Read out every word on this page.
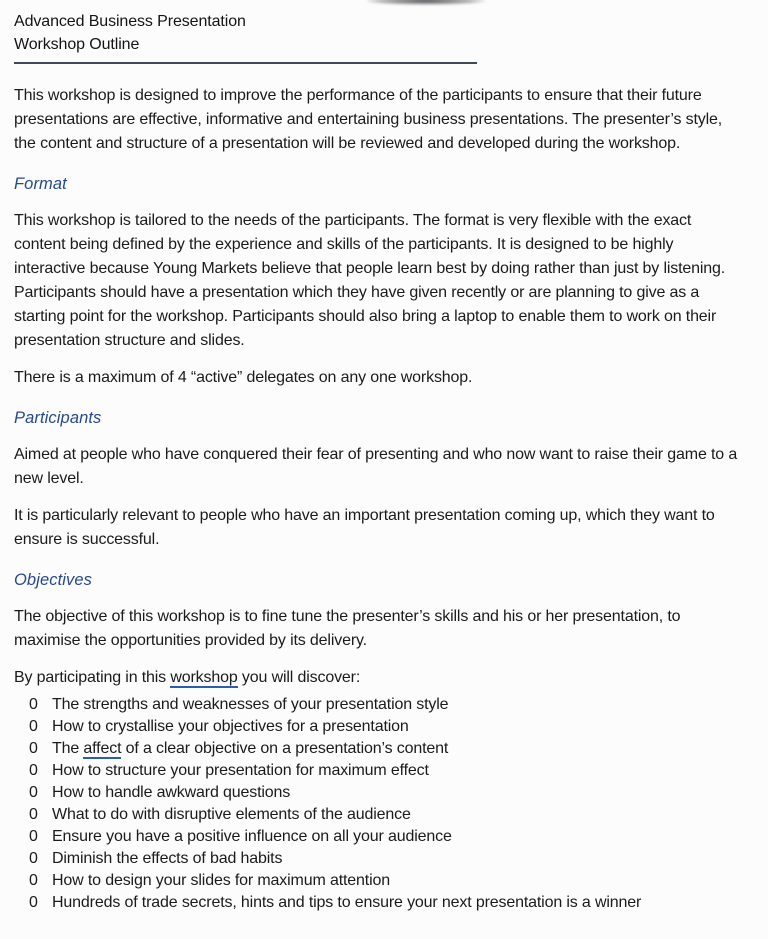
Advanced Business Presentation
Workshop Outline

This workshop is designed to improve the performance of the participants to ensure that their future presentations are effective, informative and entertaining business presentations. The presenter’s style, the content and structure of a presentation will be reviewed and developed during the workshop.

Format

This workshop is tailored to the needs of the participants. The format is very flexible with the exact content being defined by the experience and skills of the participants. It is designed to be highly interactive because Young Markets believe that people learn best by doing rather than just by listening. Participants should have a presentation which they have given recently or are planning to give as a starting point for the workshop. Participants should also bring a laptop to enable them to work on their presentation structure and slides.

There is a maximum of 4 “active” delegates on any one workshop.

Participants

Aimed at people who have conquered their fear of presenting and who now want to raise their game to a new level.

It is particularly relevant to people who have an important presentation coming up, which they want to ensure is successful.

Objectives

The objective of this workshop is to fine tune the presenter’s skills and his or her presentation, to maximise the opportunities provided by its delivery.

By participating in this workshop you will discover:

0 The strengths and weaknesses of your presentation style
0 How to crystallise your objectives for a presentation
0 The affect of a clear objective on a presentation’s content
0 How to structure your presentation for maximum effect
0 How to handle awkward questions
0 What to do with disruptive elements of the audience
0 Ensure you have a positive influence on all your audience
0 Diminish the effects of bad habits
0 How to design your slides for maximum attention
0 Hundreds of trade secrets, hints and tips to ensure your next presentation is a winner
